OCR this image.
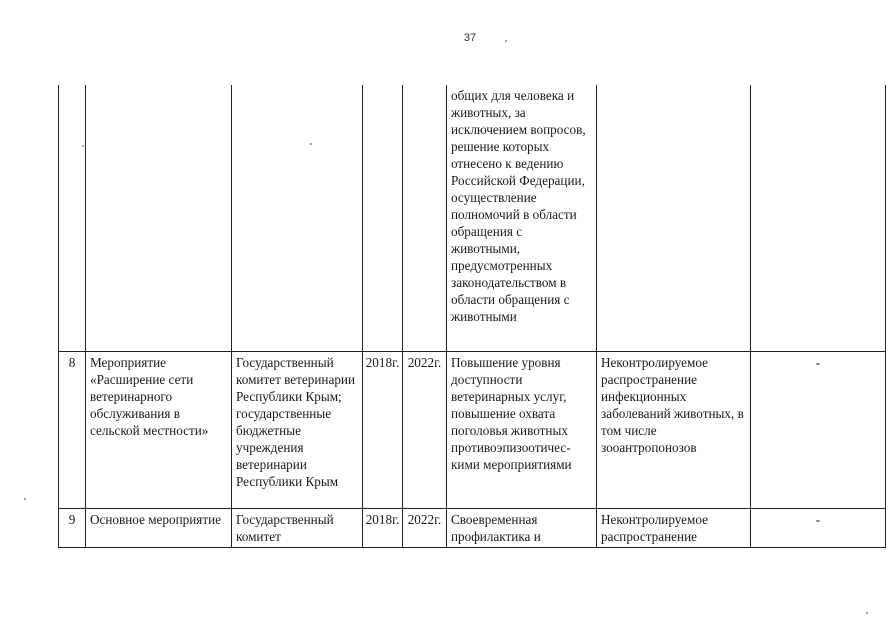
37
					общих для человека и животных, за исключением вопросов, решение которых отнесено к ведению Российской Федерации, осуществление полномочий в области обращения с животными, предусмотренных законодательством в области обращения с животными		
8	Мероприятие «Расширение сети ветеринарного обслуживания в сельской местности»	Государственный комитет ветеринарии Республики Крым; государственные бюджетные учреждения ветеринарии Республики Крым	2018г.	2022г.	Повышение уровня доступности ветеринарных услуг, повышение охвата поголовья животных противоэпизоотичес- кими мероприятиями	Неконтролируемое распространение инфекционных заболеваний животных, в том числе зооантропонозов	-
9	Основное мероприятие	Государственный комитет	2018г.	2022г.	Своевременная профилактика и	Неконтролируемое распространение	-
